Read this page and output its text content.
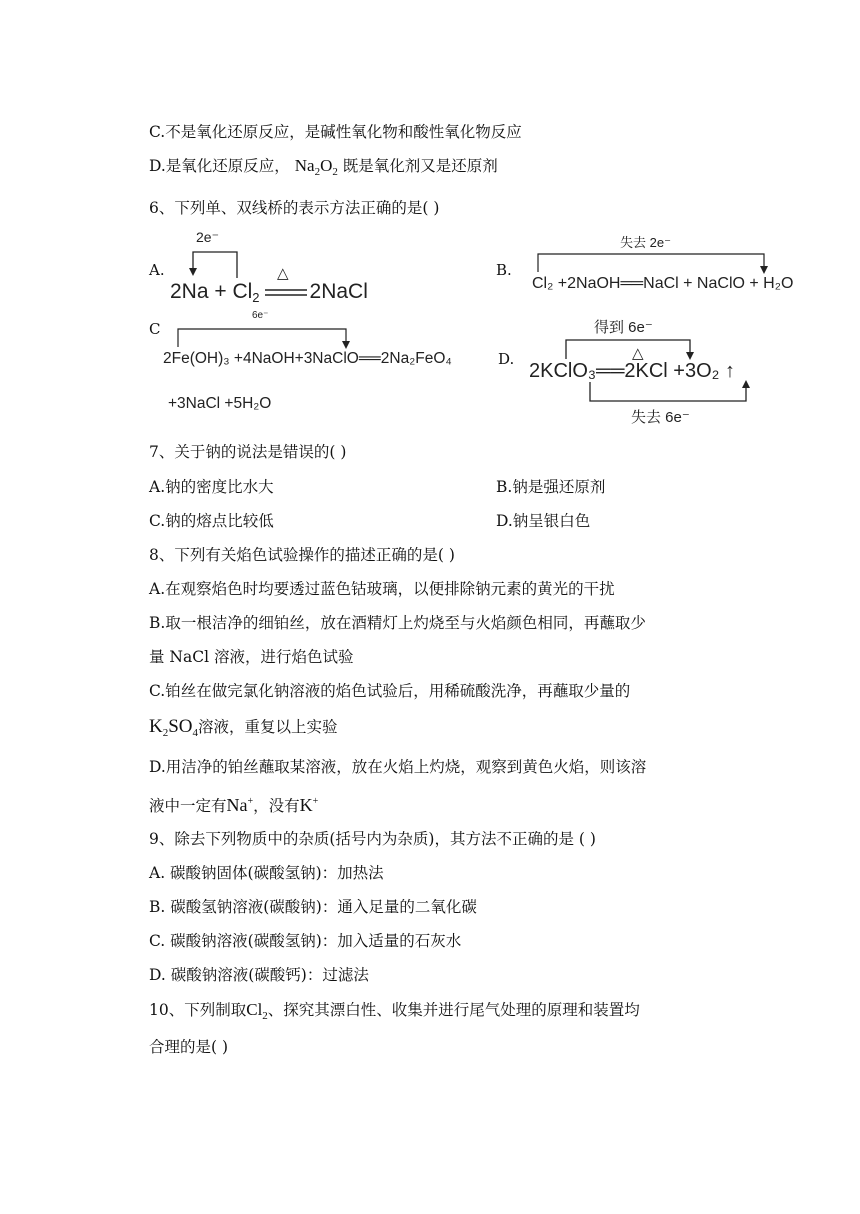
C.不是氧化还原反应，是碱性氧化物和酸性氧化物反应
D.是氧化还原反应， $Na_2O_2$ 既是氧化剂又是还原剂
6、下列单、双线桥的表示方法正确的是( )
A.
2e⁻
$2Na + Cl_2$ 2NaCl
△
6e⁻
B.
失去 2e⁻
Cl₂ +2NaOH══NaCl + NaClO + H₂O
C
2Fe(OH)₃ +4NaOH+3NaClO══2Na₂FeO₄
+3NaCl +5H₂O
D.
得到 6e⁻
△
2KClO₃══2KCl +3O₂ ↑
失去 6e⁻
7、关于钠的说法是错误的( )
A.钠的密度比水大	B.钠是强还原剂
C.钠的熔点比较低	D.钠呈银白色
8、下列有关焰色试验操作的描述正确的是( )
A.在观察焰色时均要透过蓝色钴玻璃，以便排除钠元素的黄光的干扰
B.取一根洁净的细铂丝，放在酒精灯上灼烧至与火焰颜色相同，再蘸取少
量 NaCl 溶液，进行焰色试验
C.铂丝在做完氯化钠溶液的焰色试验后，用稀硫酸洗净，再蘸取少量的
$K_2SO_4$溶液，重复以上实验
D.用洁净的铂丝蘸取某溶液，放在火焰上灼烧，观察到黄色火焰，则该溶
液中一定有Na+，没有K+
9、除去下列物质中的杂质(括号内为杂质)，其方法不正确的是 ( )
A. 碳酸钠固体(碳酸氢钠)：加热法
B. 碳酸氢钠溶液(碳酸钠)：通入足量的二氧化碳
C. 碳酸钠溶液(碳酸氢钠)：加入适量的石灰水
D. 碳酸钠溶液(碳酸钙)：过滤法
10、下列制取$Cl_2$、探究其漂白性、收集并进行尾气处理的原理和装置均
合理的是( )
